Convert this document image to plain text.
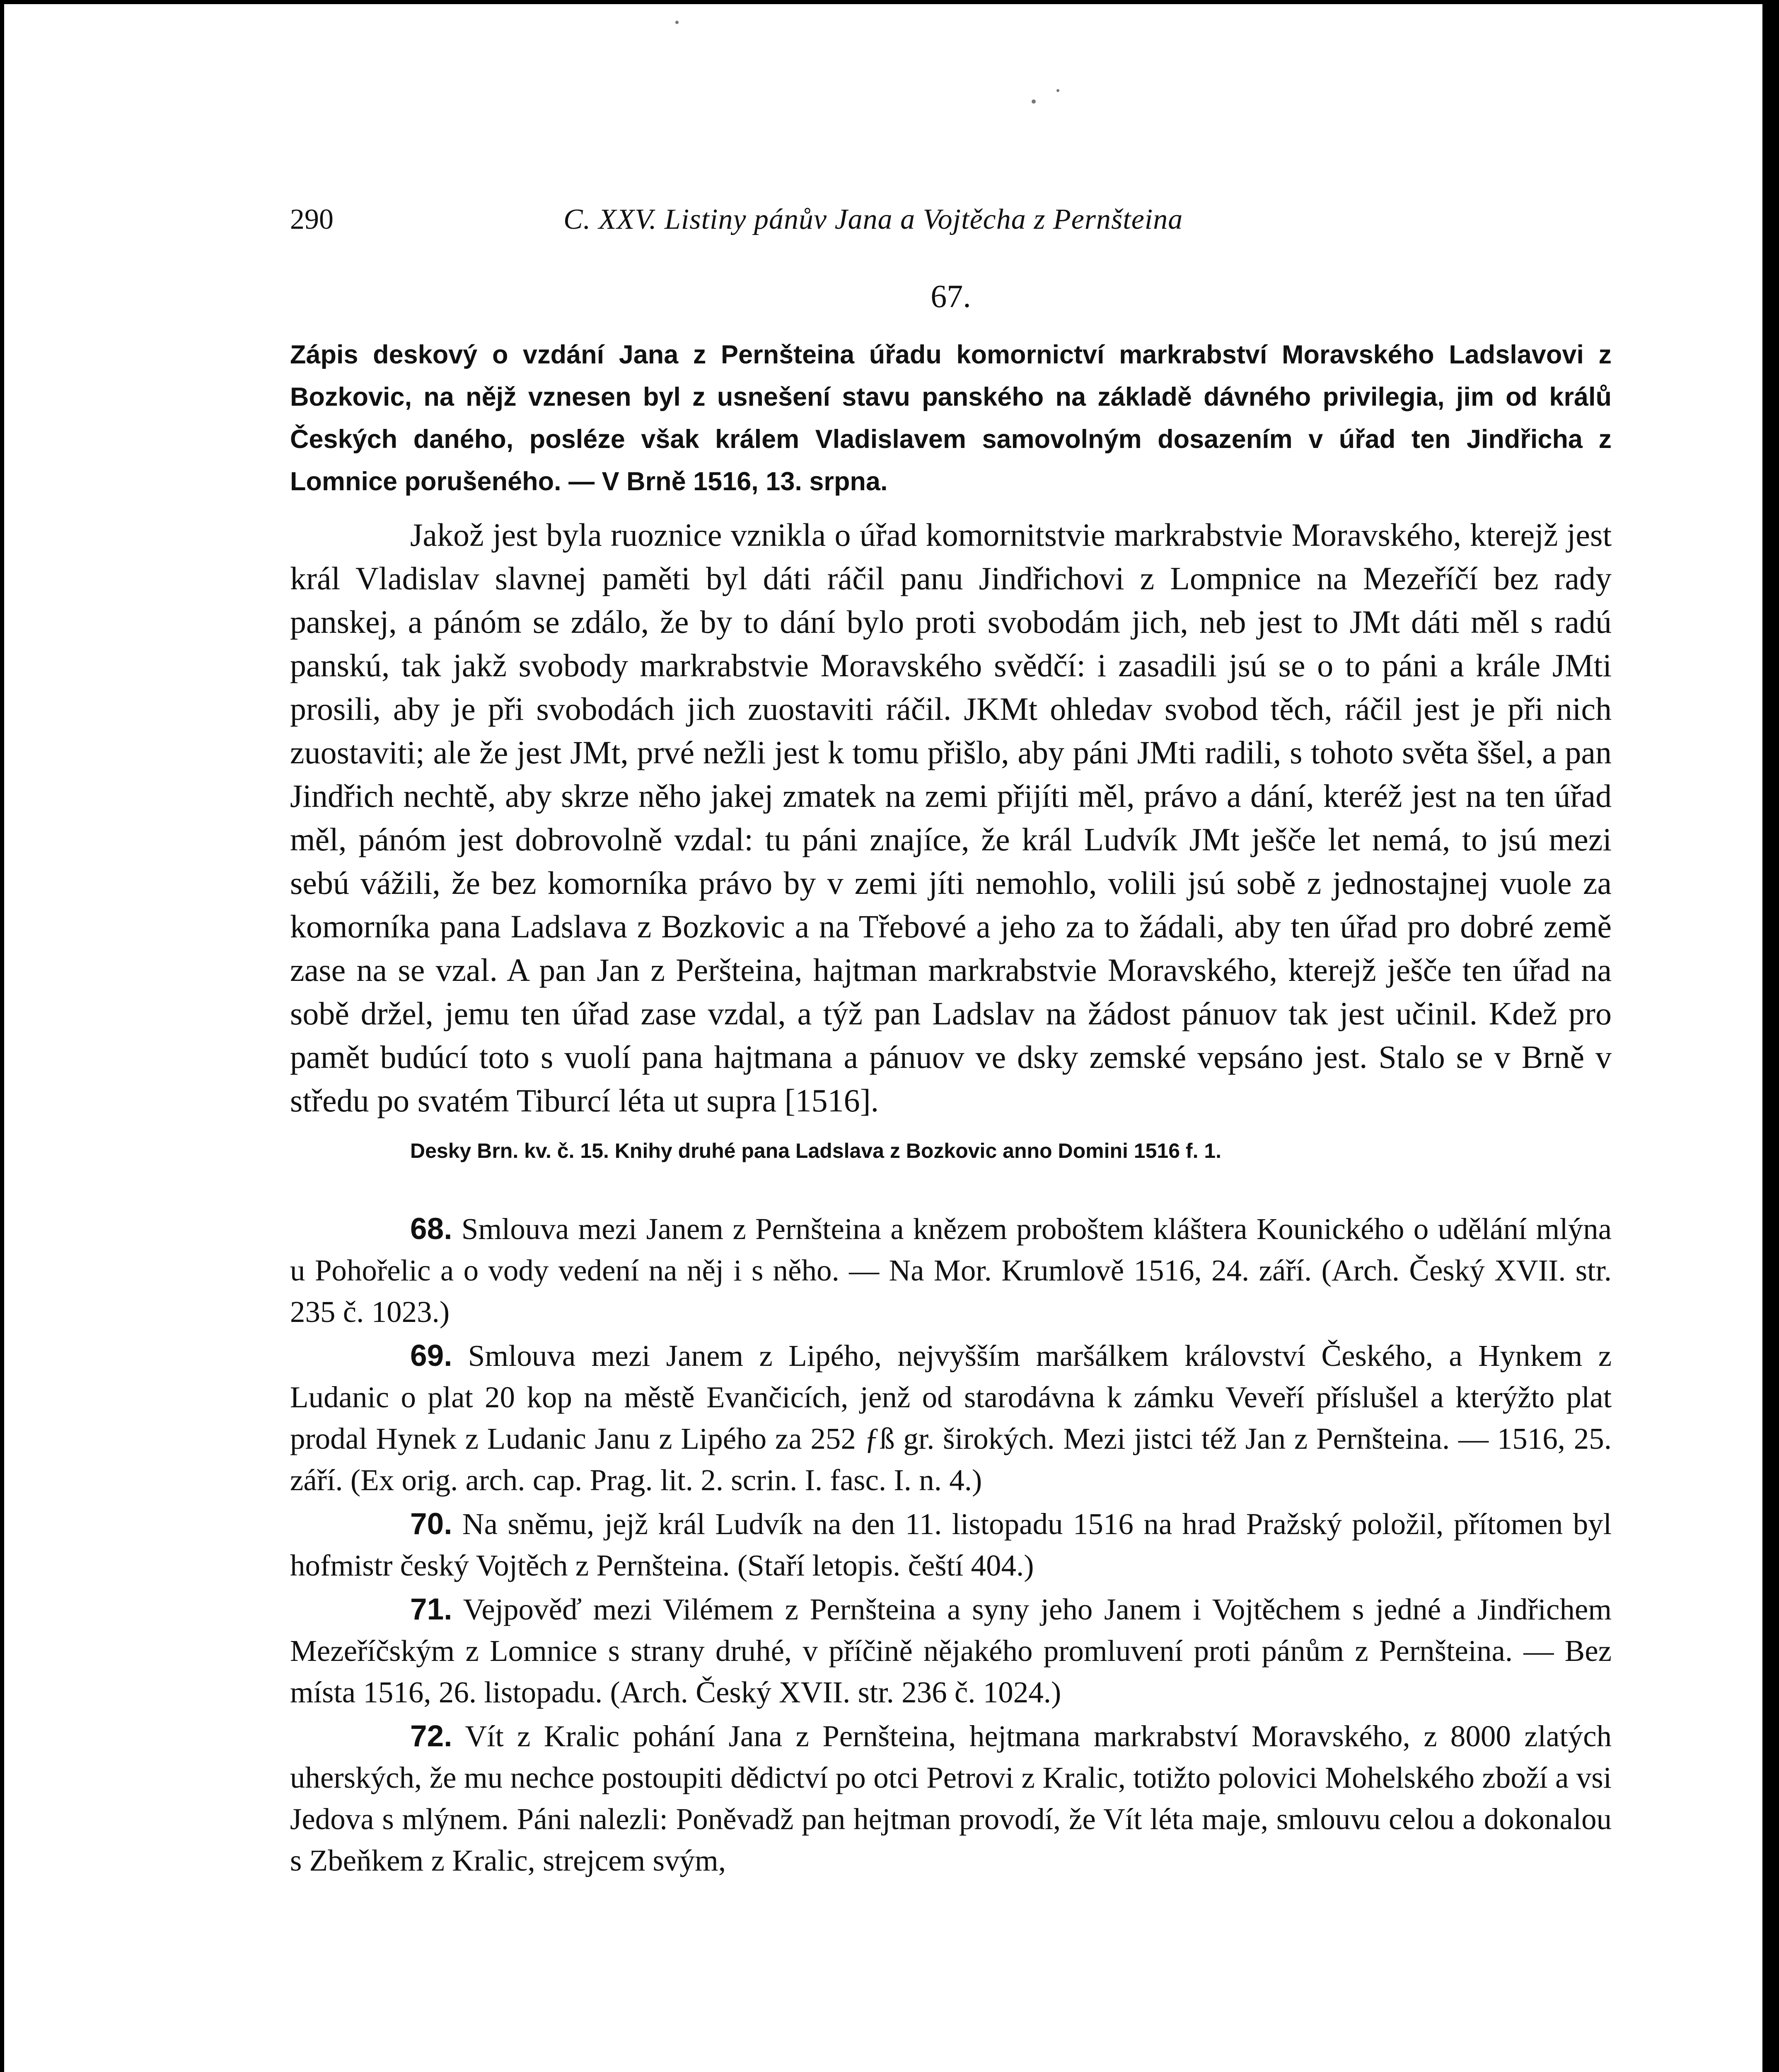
290	C. XXV. Listiny pánův Jana a Vojtěcha z Pernšteina
67.
Zápis deskový o vzdání Jana z Pernšteina úřadu komornictví markrabství Moravského Ladslavovi z Bozkovic, na nějž vznesen byl z usnešení stavu panského na základě dávného privilegia, jim od králů Českých daného, posléze však králem Vladislavem samovolným dosazením v úřad ten Jindřicha z Lomnice porušeného. — V Brně 1516, 13. srpna.
Jakož jest byla ruoznice vznikla o úřad komornitstvie markrabstvie Moravského, kterejž jest král Vladislav slavnej paměti byl dáti ráčil panu Jindřichovi z Lompnice na Mezeříčí bez rady panskej, a pánóm se zdálo, že by to dání bylo proti svobodám jich, neb jest to JMt dáti měl s radú panskú, tak jakž svobody markrabstvie Moravského svědčí: i zasadili jsú se o to páni a krále JMti prosili, aby je při svobodách jich zuostaviti ráčil. JKMt ohledav svobod těch, ráčil jest je při nich zuostaviti; ale že jest JMt, prvé nežli jest k tomu přišlo, aby páni JMti radili, s tohoto světa ššel, a pan Jindřich nechtě, aby skrze něho jakej zmatek na zemi přijíti měl, právo a dání, kteréž jest na ten úřad měl, pánóm jest dobrovolně vzdal: tu páni znajíce, že král Ludvík JMt ješče let nemá, to jsú mezi sebú vážili, že bez komorníka právo by v zemi jíti nemohlo, volili jsú sobě z jednostajnej vuole za komorníka pana Ladslava z Bozkovic a na Třebové a jeho za to žádali, aby ten úřad pro dobré země zase na se vzal. A pan Jan z Peršteina, hajtman markrabstvie Moravského, kterejž ješče ten úřad na sobě držel, jemu ten úřad zase vzdal, a týž pan Ladslav na žádost pánuov tak jest učinil. Kdež pro pamět budúcí toto s vuolí pana hajtmana a pánuov ve dsky zemské vepsáno jest. Stalo se v Brně v středu po svatém Tiburcí léta ut supra [1516].
Desky Brn. kv. č. 15. Knihy druhé pana Ladslava z Bozkovic anno Domini 1516 f. 1.

68. Smlouva mezi Janem z Pernšteina a knězem proboštem kláštera Kounického o udělání mlýna u Pohořelic a o vody vedení na něj i s něho. — Na Mor. Krumlově 1516, 24. září. (Arch. Český XVII. str. 235 č. 1023.)

69. Smlouva mezi Janem z Lipého, nejvyšším maršálkem království Českého, a Hynkem z Ludanic o plat 20 kop na městě Evančicích, jenž od starodávna k zámku Veveří příslušel a kterýžto plat prodal Hynek z Ludanic Janu z Lipého za 252 ƒß gr. širokých. Mezi jistci též Jan z Pernšteina. — 1516, 25. září. (Ex orig. arch. cap. Prag. lit. 2. scrin. I. fasc. I. n. 4.)

70. Na sněmu, jejž král Ludvík na den 11. listopadu 1516 na hrad Pražský položil, přítomen byl hofmistr český Vojtěch z Pernšteina. (Staří letopis. čeští 404.)

71. Vejpověď mezi Vilémem z Pernšteina a syny jeho Janem i Vojtěchem s jedné a Jindřichem Mezeříčským z Lomnice s strany druhé, v příčině nějakého promluvení proti pánům z Pernšteina. — Bez místa 1516, 26. listopadu. (Arch. Český XVII. str. 236 č. 1024.)

72. Vít z Kralic pohání Jana z Pernšteina, hejtmana markrabství Moravského, z 8000 zlatých uherských, že mu nechce postoupiti dědictví po otci Petrovi z Kralic, totižto polovici Mohelského zboží a vsi Jedova s mlýnem. Páni nalezli: Poněvadž pan hejtman provodí, že Vít léta maje, smlouvu celou a dokonalou s Zbeňkem z Kralic, strejcem svým,
